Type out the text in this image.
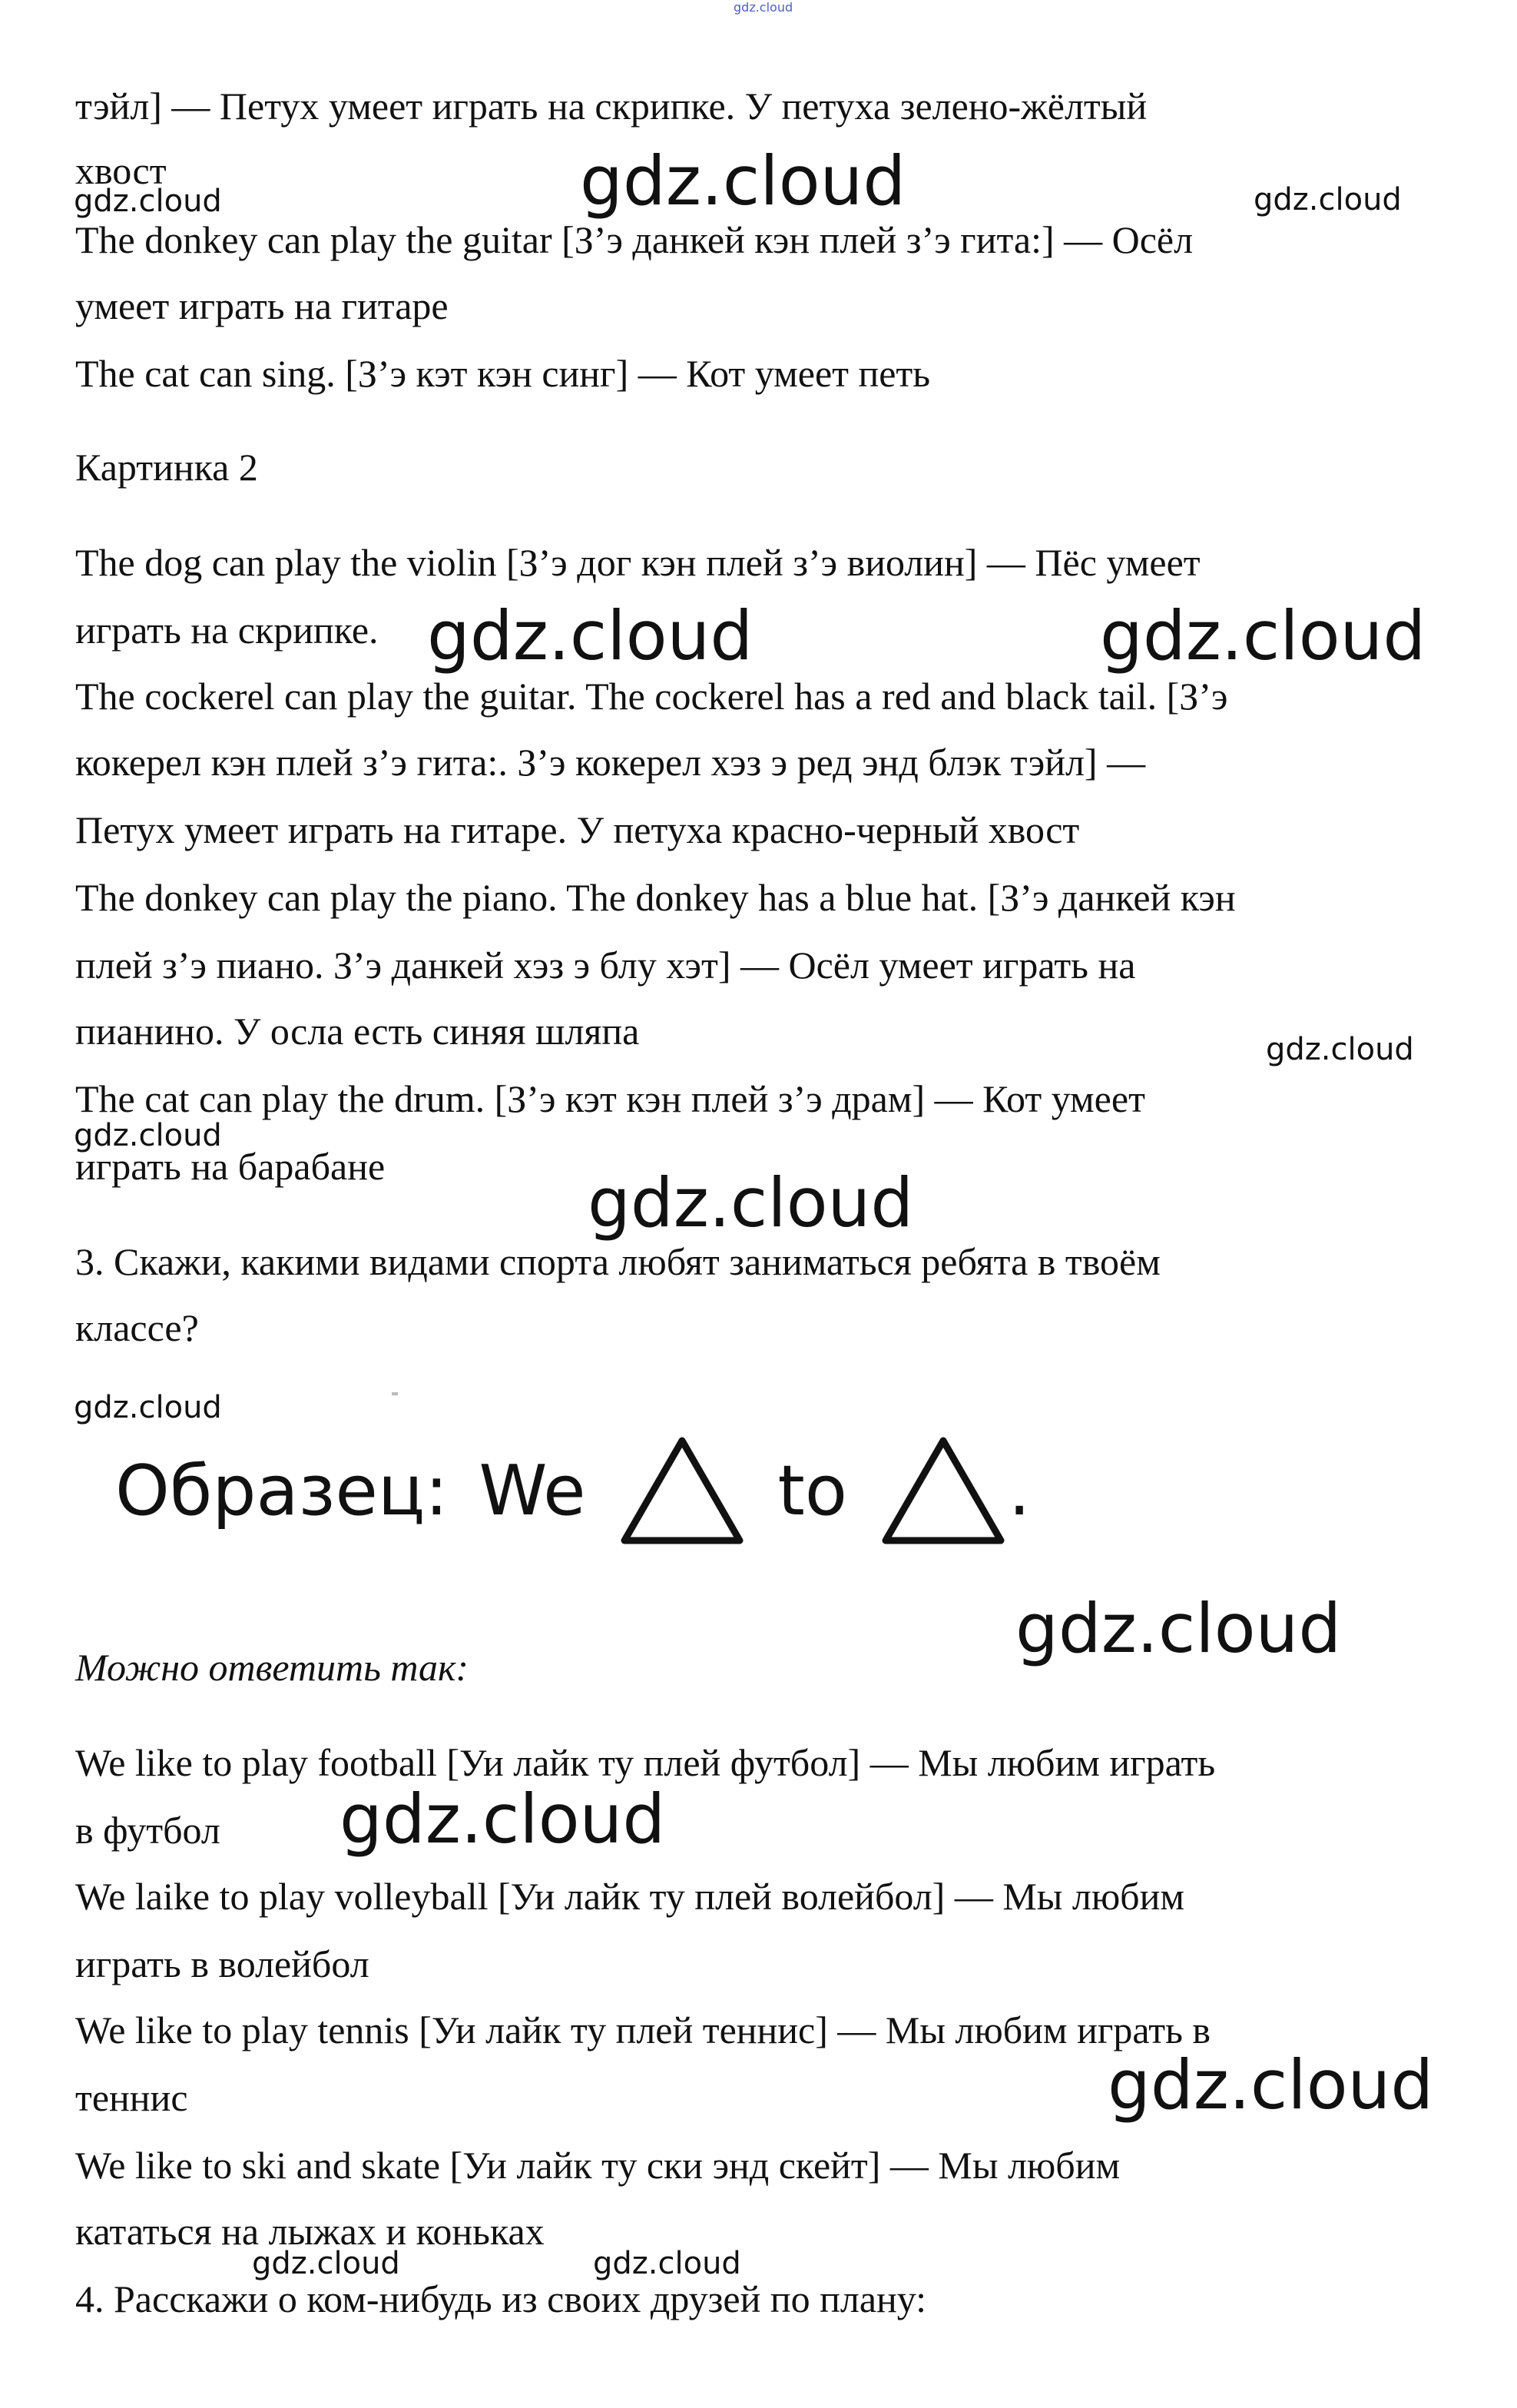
gdz.cloud

тэйл] — Петух умеет играть на скрипке. У петуха зелено-жёлтый

хвост

The donkey can play the guitar [З’э данкей кэн плей з’э гита:] — Осёл

умеет играть на гитаре

The cat can sing. [З’э кэт кэн синг] — Кот умеет петь

Картинка 2

The dog can play the violin [З’э дог кэн плей з’э виолин] — Пёс умеет

играть на скрипке.

The cockerel can play the guitar. The cockerel has a red and black tail. [З’э

кокерел кэн плей з’э гита:. З’э кокерел хэз э ред энд блэк тэйл] —

Петух умеет играть на гитаре. У петуха красно-черный хвост

The donkey can play the piano. The donkey has a blue hat. [З’э данкей кэн

плей з’э пиано. З’э данкей хэз э блу хэт] — Осёл умеет играть на

пианино. У осла есть синяя шляпа

The cat can play the drum. [З’э кэт кэн плей з’э драм] — Кот умеет

играть на барабане

3. Скажи, какими видами спорта любят заниматься ребята в твоём

классе?

Образец: We	to .

Можно ответить так:

We like to play football [Уи лайк ту плей футбол] — Мы любим играть

в футбол

We laike to play volleyball [Уи лайк ту плей волейбол] — Мы любим

играть в волейбол

We like to play tennis [Уи лайк ту плей теннис] — Мы любим играть в

теннис

We like to ski and skate [Уи лайк ту ски энд скейт] — Мы любим

кататься на лыжах и коньках

4. Расскажи о ком-нибудь из своих друзей по плану:

gdz.cloud
gdz.cloud	gdz.cloud
gdz.cloud	gdz.cloud
gdz.cloud
gdz.cloud
gdz.cloud
gdz.cloud
gdz.cloud
gdz.cloud
gdz.cloud
gdz.cloud	gdz.cloud
